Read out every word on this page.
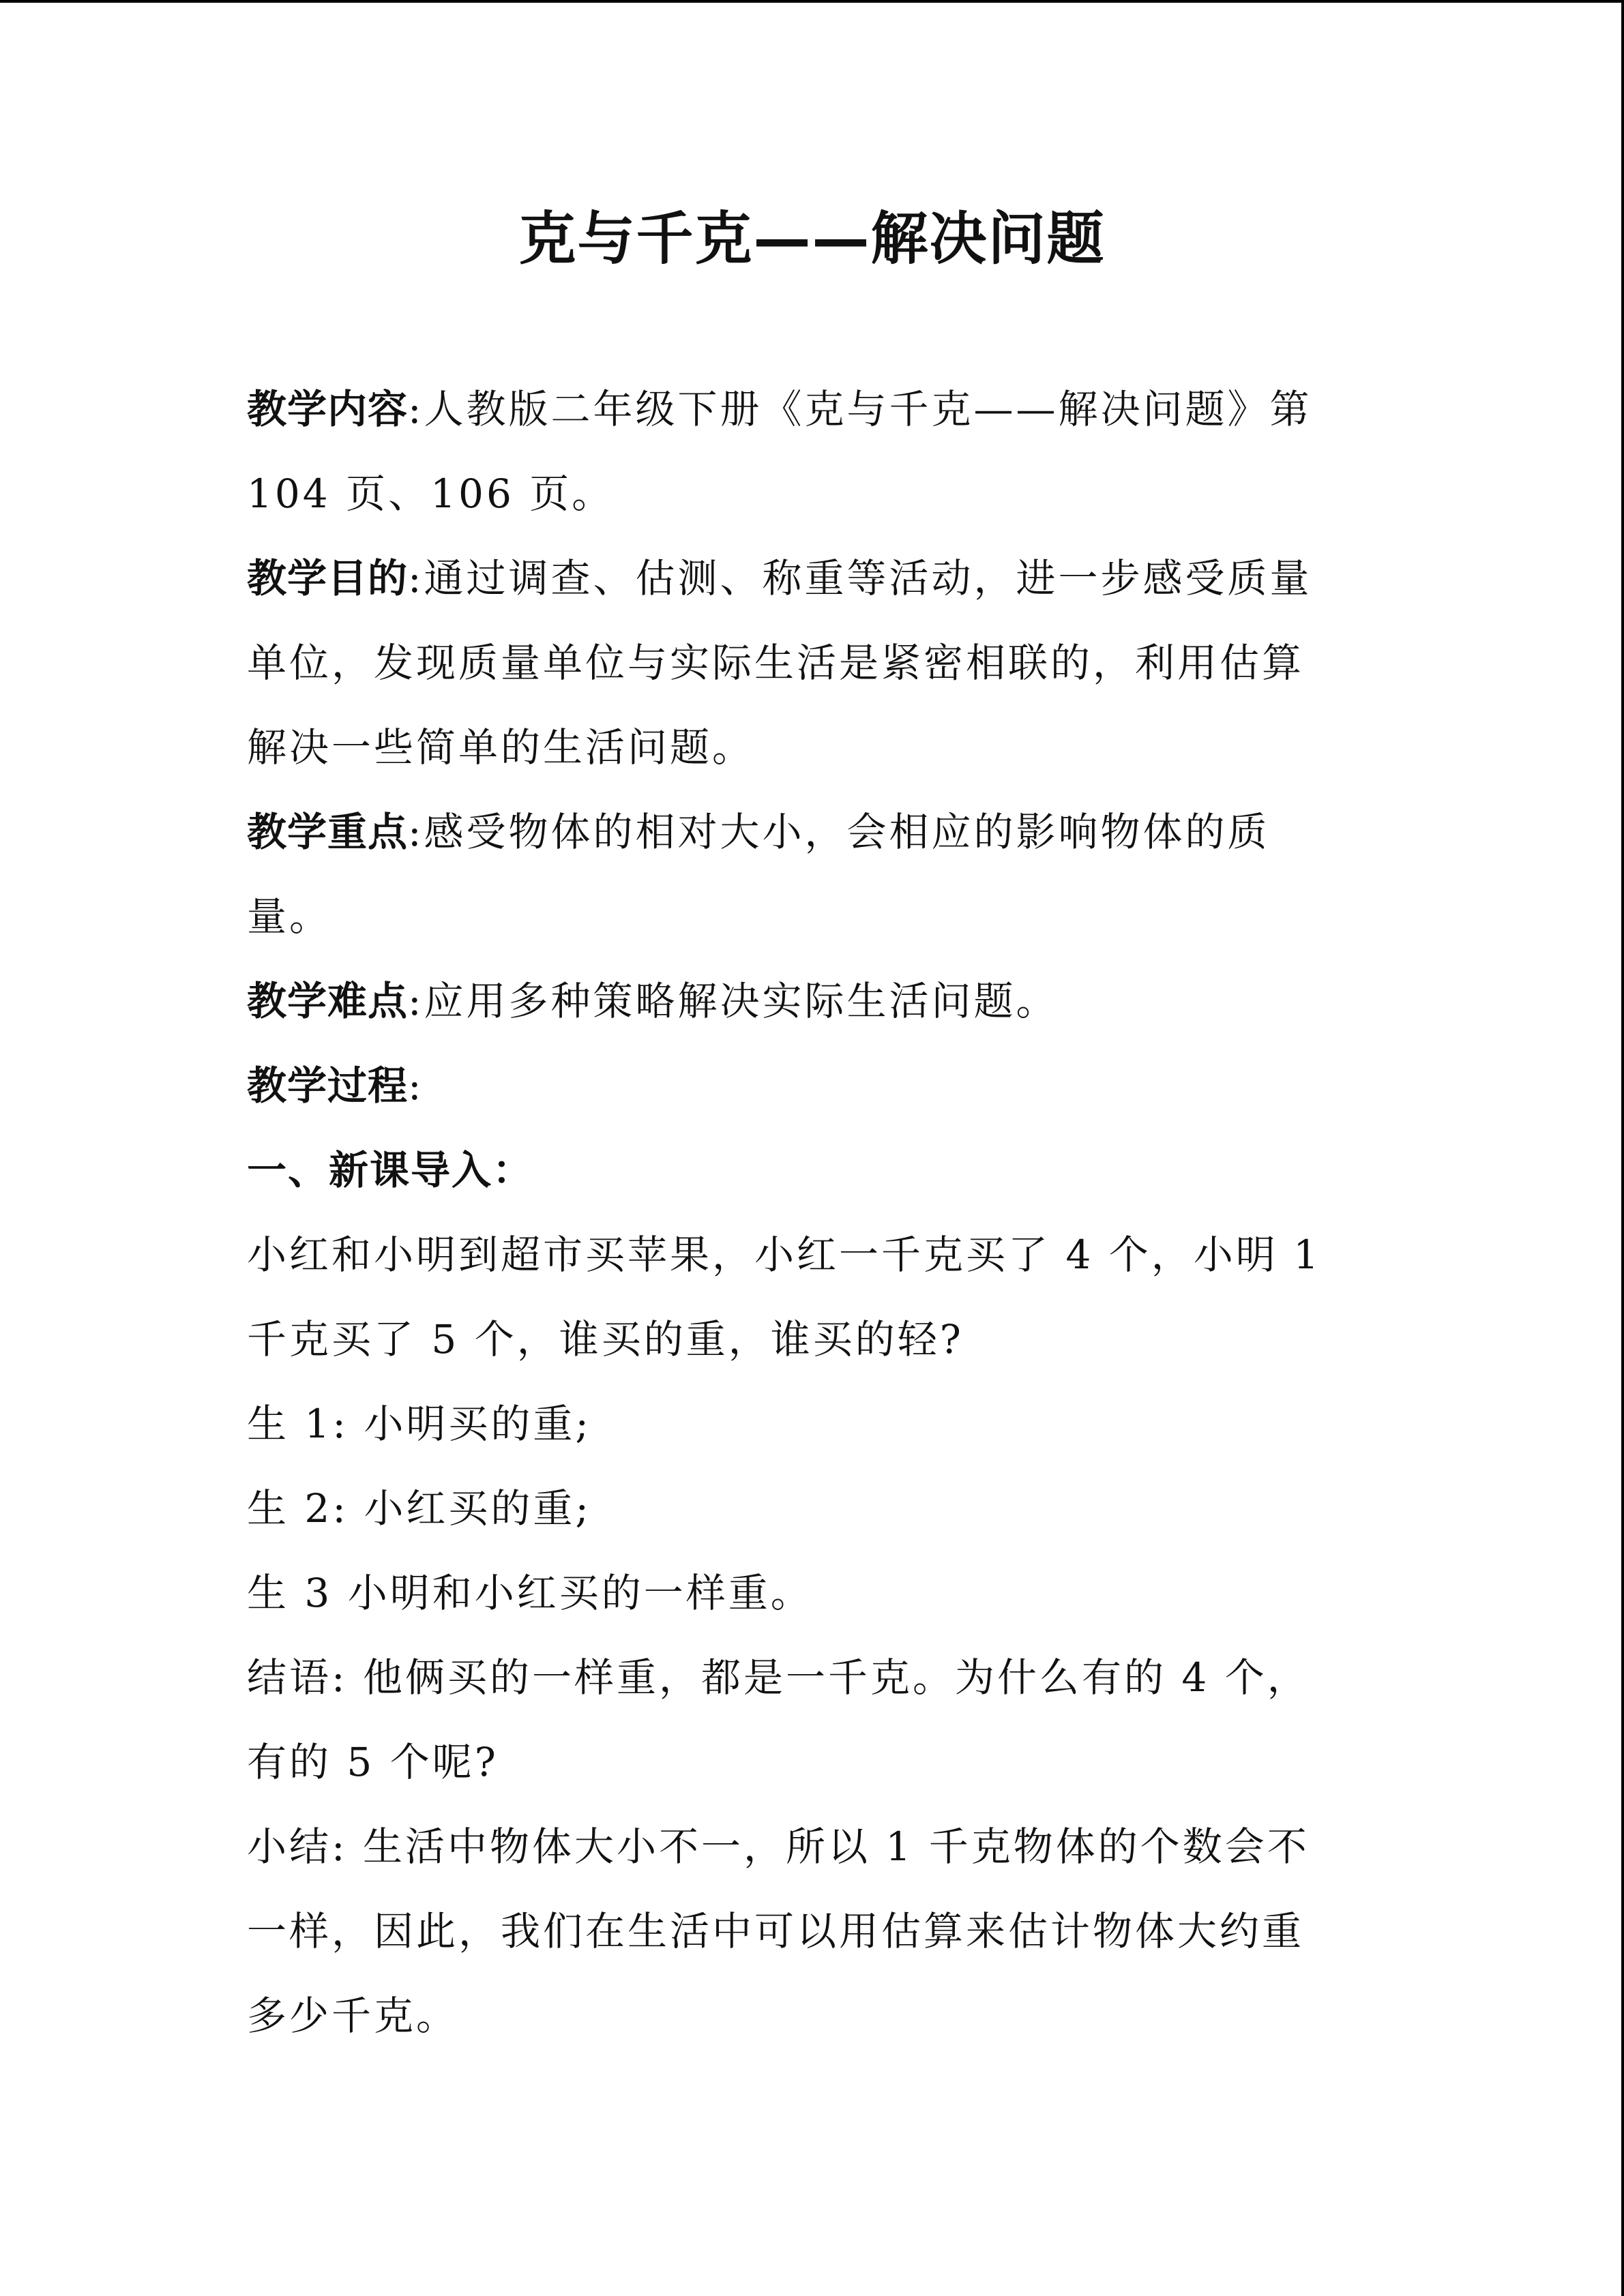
克与千克——解决问题
教学内容:人教版二年级下册《克与千克——解决问题》第
104 页、106 页。
教学目的:通过调查、估测、称重等活动，进一步感受质量
单位，发现质量单位与实际生活是紧密相联的，利用估算
解决一些简单的生活问题。
教学重点:感受物体的相对大小，会相应的影响物体的质
量。
教学难点:应用多种策略解决实际生活问题。
教学过程:
一、新课导入：
小红和小明到超市买苹果，小红一千克买了 4 个，小明 1
千克买了 5 个，谁买的重，谁买的轻?
生 1: 小明买的重;
生 2: 小红买的重;
生 3 小明和小红买的一样重。
结语: 他俩买的一样重，都是一千克。为什么有的 4 个，
有的 5 个呢?
小结: 生活中物体大小不一，所以 1 千克物体的个数会不
一样，因此，我们在生活中可以用估算来估计物体大约重
多少千克。
